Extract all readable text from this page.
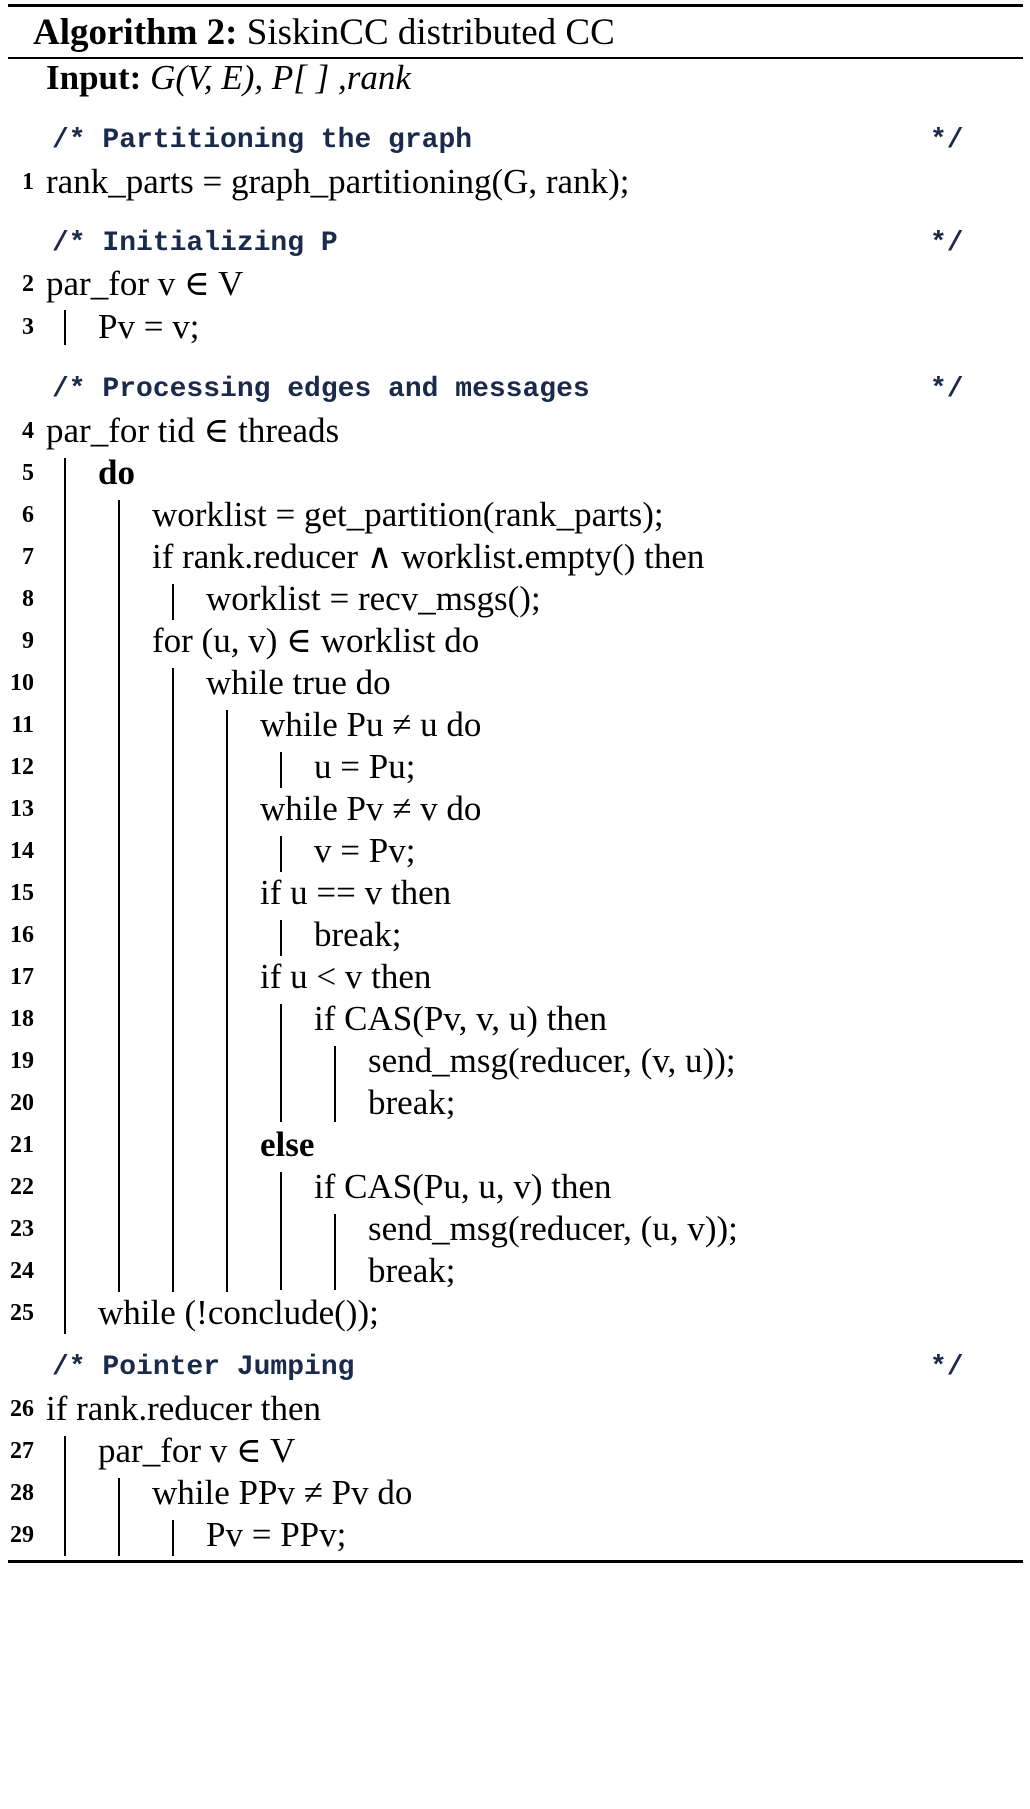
Algorithm 2: SiskinCC distributed CC
Input: G(V, E), P[ ] ,rank
/* Partitioning the graph	*/
1 rank_parts = graph_partitioning(G, rank);
/* Initializing P	*/
2 par_for v ∈ V
3 Pv = v;
/* Processing edges and messages	*/
4 par_for tid ∈ threads
5 do
6	worklist = get_partition(rank_parts);
7	if rank.reducer ∧ worklist.empty() then
8	worklist = recv_msgs();
9	for (u, v) ∈ worklist do
10	while true do
11	while Pu ≠ u do
12	u = Pu;
13	while Pv ≠ v do
14	v = Pv;
15	if u == v then
16	break;
17	if u < v then
18	if CAS(Pv, v, u) then
19	send_msg(reducer, (v, u));
20	break;
21	else
22	if CAS(Pu, u, v) then
23	send_msg(reducer, (u, v));
24	break;
25 while (!conclude());
/* Pointer Jumping	*/
26 if rank.reducer then
27 par_for v ∈ V
28	while PPv ≠ Pv do
29	Pv = PPv;
